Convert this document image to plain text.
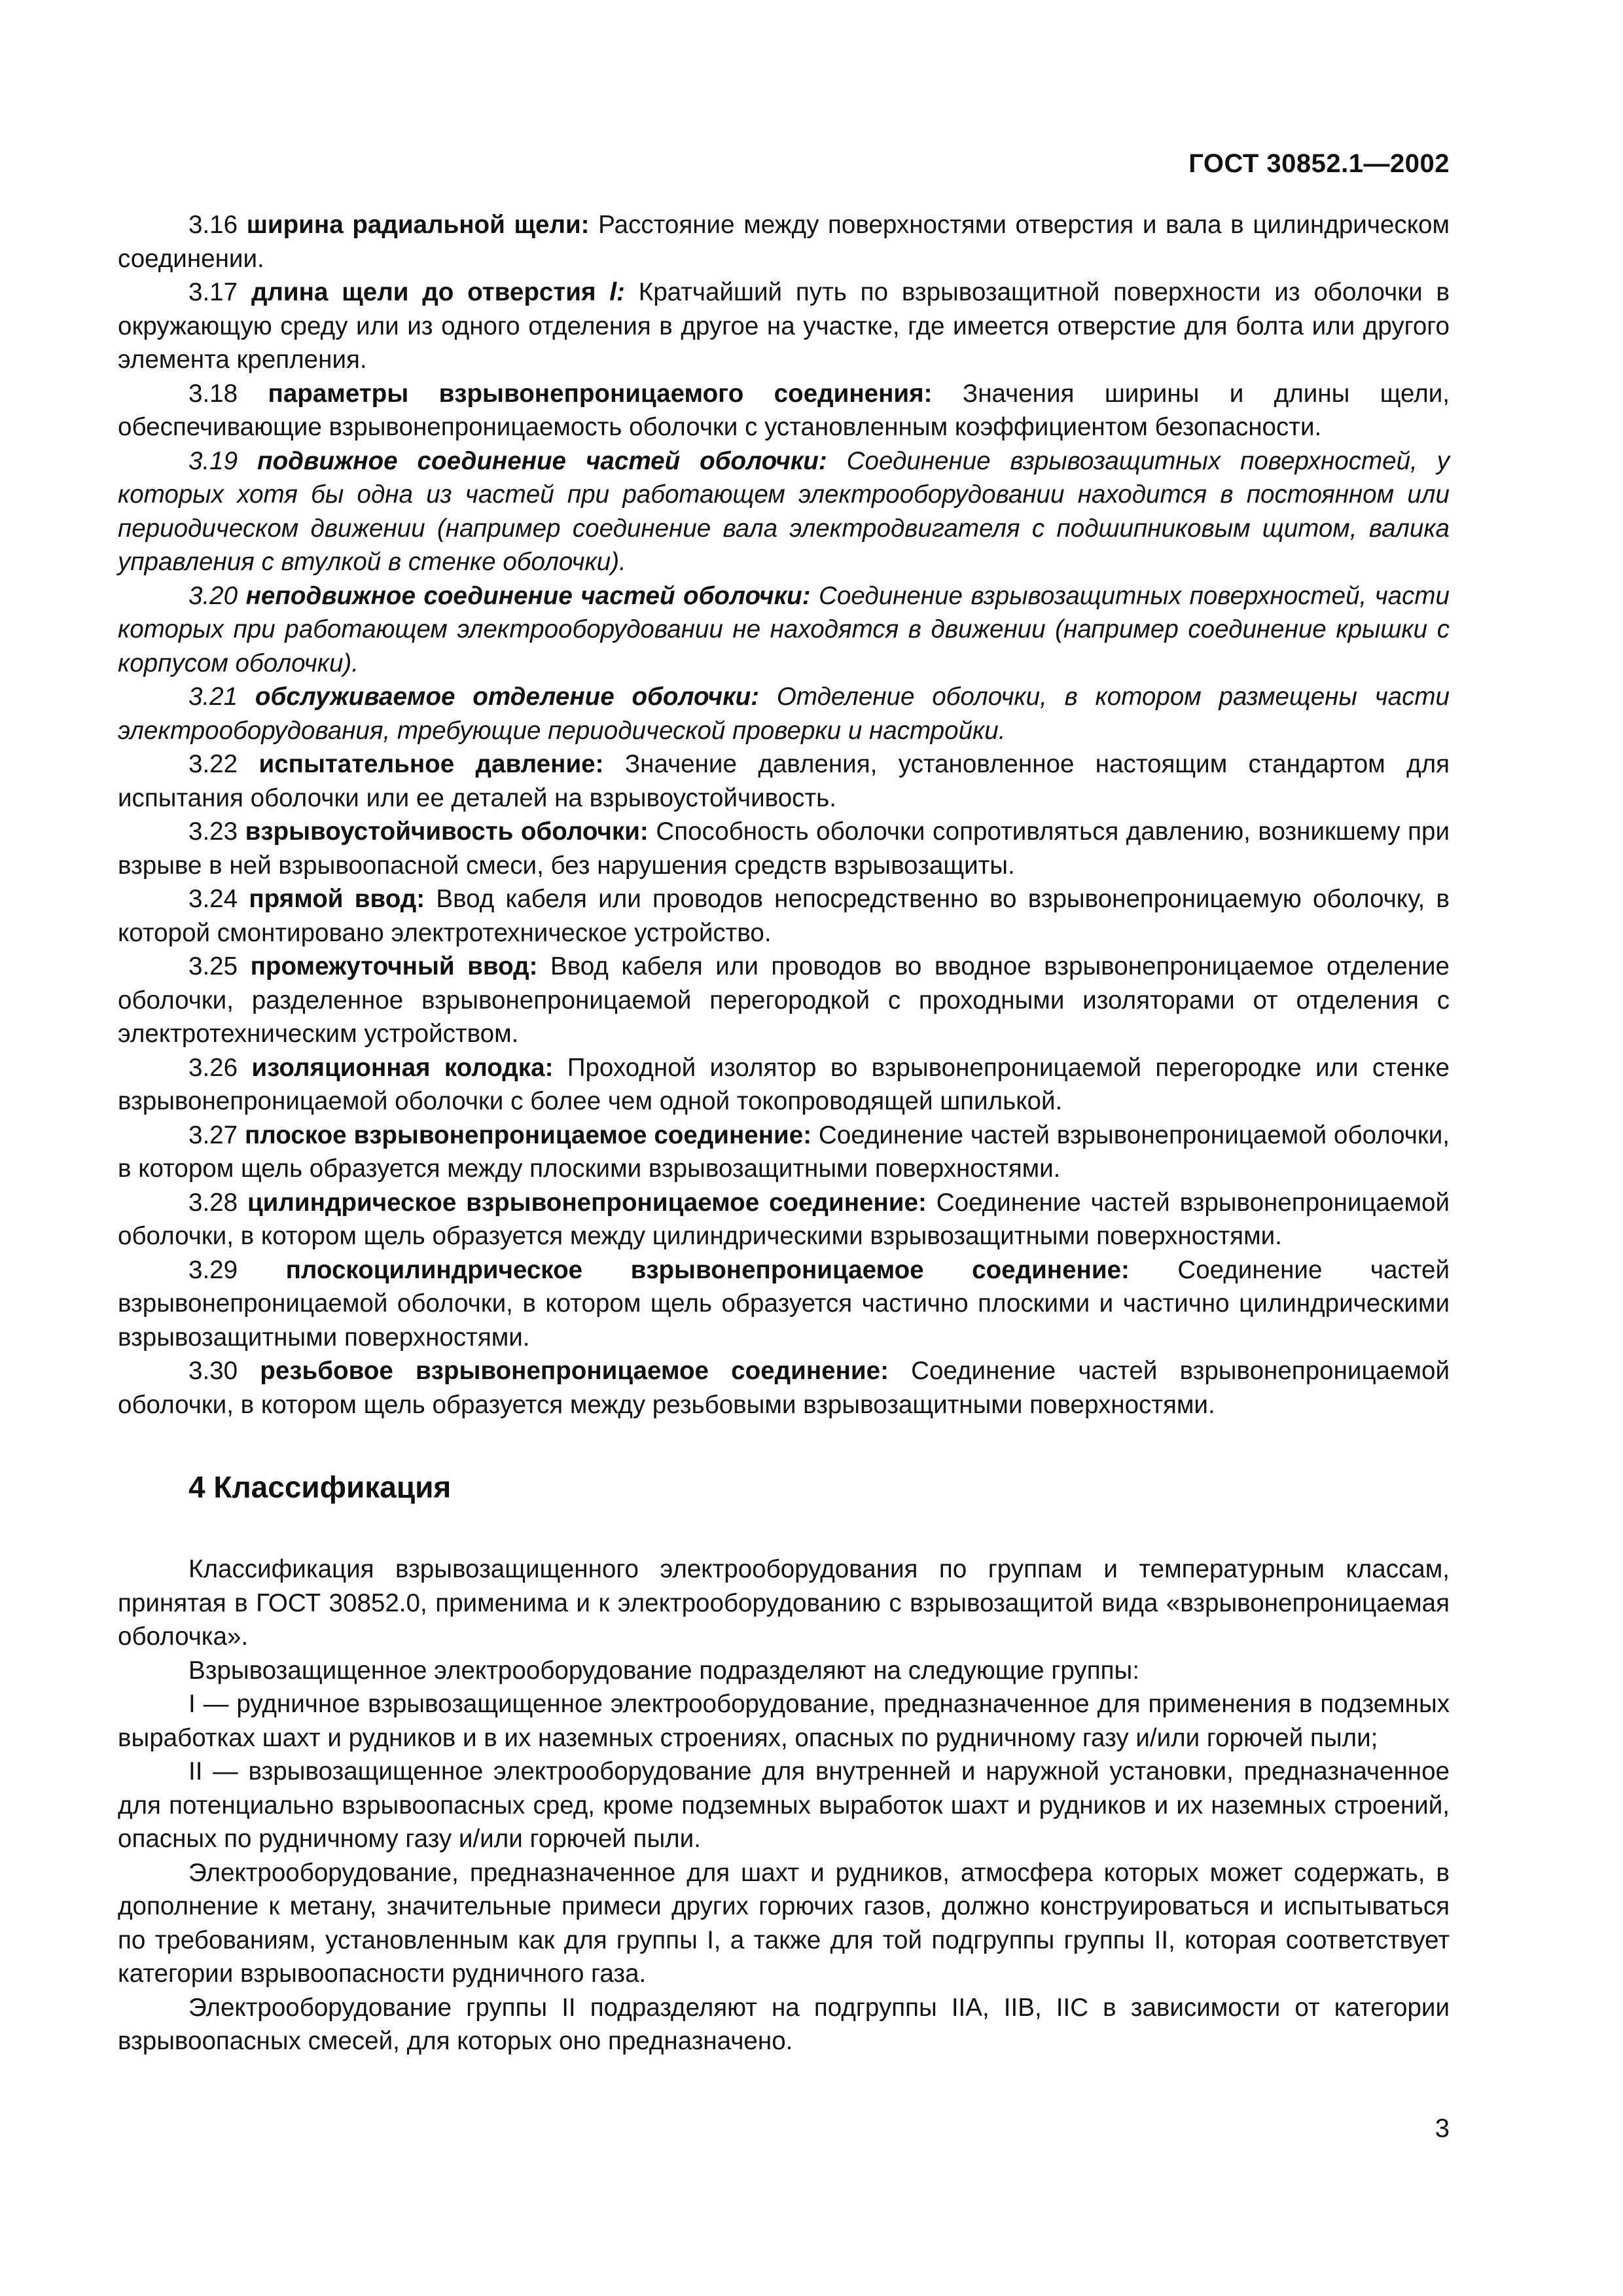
ГОСТ 30852.1—2002

3.16 ширина радиальной щели: Расстояние между поверхностями отверстия и вала в цилиндрическом соединении.

3.17 длина щели до отверстия l: Кратчайший путь по взрывозащитной поверхности из оболочки в окружающую среду или из одного отделения в другое на участке, где имеется отверстие для болта или другого элемента крепления.

3.18 параметры взрывонепроницаемого соединения: Значения ширины и длины щели, обеспечивающие взрывонепроницаемость оболочки с установленным коэффициентом безопасности.

3.19 подвижное соединение частей оболочки: Соединение взрывозащитных поверхностей, у которых хотя бы одна из частей при работающем электрооборудовании находится в постоянном или периодическом движении (например соединение вала электродвигателя с подшипниковым щитом, валика управления с втулкой в стенке оболочки).

3.20 неподвижное соединение частей оболочки: Соединение взрывозащитных поверхностей, части которых при работающем электрооборудовании не находятся в движении (например соединение крышки с корпусом оболочки).

3.21 обслуживаемое отделение оболочки: Отделение оболочки, в котором размещены части электрооборудования, требующие периодической проверки и настройки.

3.22 испытательное давление: Значение давления, установленное настоящим стандартом для испытания оболочки или ее деталей на взрывоустойчивость.

3.23 взрывоустойчивость оболочки: Способность оболочки сопротивляться давлению, возникшему при взрыве в ней взрывоопасной смеси, без нарушения средств взрывозащиты.

3.24 прямой ввод: Ввод кабеля или проводов непосредственно во взрывонепроницаемую оболочку, в которой смонтировано электротехническое устройство.

3.25 промежуточный ввод: Ввод кабеля или проводов во вводное взрывонепроницаемое отделение оболочки, разделенное взрывонепроницаемой перегородкой с проходными изоляторами от отделения с электротехническим устройством.

3.26 изоляционная колодка: Проходной изолятор во взрывонепроницаемой перегородке или стенке взрывонепроницаемой оболочки с более чем одной токопроводящей шпилькой.

3.27 плоское взрывонепроницаемое соединение: Соединение частей взрывонепроницаемой оболочки, в котором щель образуется между плоскими взрывозащитными поверхностями.

3.28 цилиндрическое взрывонепроницаемое соединение: Соединение частей взрывонепроницаемой оболочки, в котором щель образуется между цилиндрическими взрывозащитными поверхностями.

3.29 плоскоцилиндрическое взрывонепроницаемое соединение: Соединение частей взрывонепроницаемой оболочки, в котором щель образуется частично плоскими и частично цилиндрическими взрывозащитными поверхностями.

3.30 резьбовое взрывонепроницаемое соединение: Соединение частей взрывонепроницаемой оболочки, в котором щель образуется между резьбовыми взрывозащитными поверхностями.

4 Классификация

Классификация взрывозащищенного электрооборудования по группам и температурным классам, принятая в ГОСТ 30852.0, применима и к электрооборудованию с взрывозащитой вида «взрывонепроницаемая оболочка».

Взрывозащищенное электрооборудование подразделяют на следующие группы:

I — рудничное взрывозащищенное электрооборудование, предназначенное для применения в подземных выработках шахт и рудников и в их наземных строениях, опасных по рудничному газу и/или горючей пыли;

II — взрывозащищенное электрооборудование для внутренней и наружной установки, предназначенное для потенциально взрывоопасных сред, кроме подземных выработок шахт и рудников и их наземных строений, опасных по рудничному газу и/или горючей пыли.

Электрооборудование, предназначенное для шахт и рудников, атмосфера которых может содержать, в дополнение к метану, значительные примеси других горючих газов, должно конструироваться и испытываться по требованиям, установленным как для группы I, а также для той подгруппы группы II, которая соответствует категории взрывоопасности рудничного газа.

Электрооборудование группы II подразделяют на подгруппы IIA, IIB, IIC в зависимости от категории взрывоопасных смесей, для которых оно предназначено.

3
